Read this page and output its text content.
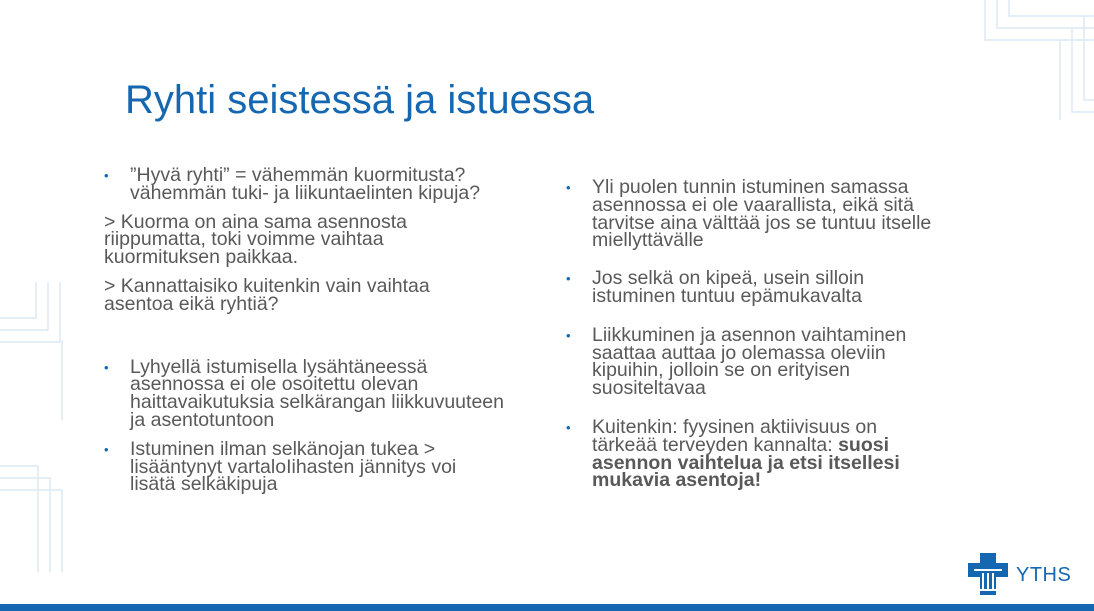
Ryhti seistessä ja istuessa
• ”Hyvä ryhti” = vähemmän kuormitusta? vähemmän tuki- ja liikuntaelinten kipuja?
> Kuorma on aina sama asennosta riippumatta, toki voimme vaihtaa kuormituksen paikkaa.
> Kannattaisiko kuitenkin vain vaihtaa asentoa eikä ryhtiä?
• Lyhyellä istumisella lysähtäneessä asennossa ei ole osoitettu olevan haittavaikutuksia selkärangan liikkuvuuteen ja asentotuntoon
• Istuminen ilman selkänojan tukea > lisääntynyt vartaloIihasten jännitys voi lisätä selkäkipuja
• Yli puolen tunnin istuminen samassa asennossa ei ole vaarallista, eikä sitä tarvitse aina välttää jos se tuntuu itselle miellyttävälle
• Jos selkä on kipeä, usein silloin istuminen tuntuu epämukavalta
• Liikkuminen ja asennon vaihtaminen saattaa auttaa jo olemassa oleviin kipuihin, jolloin se on erityisen suositeltavaa
• Kuitenkin: fyysinen aktiivisuus on tärkeää terveyden kannalta: suosi asennon vaihtelua ja etsi itsellesi mukavia asentoja!
YTHS
